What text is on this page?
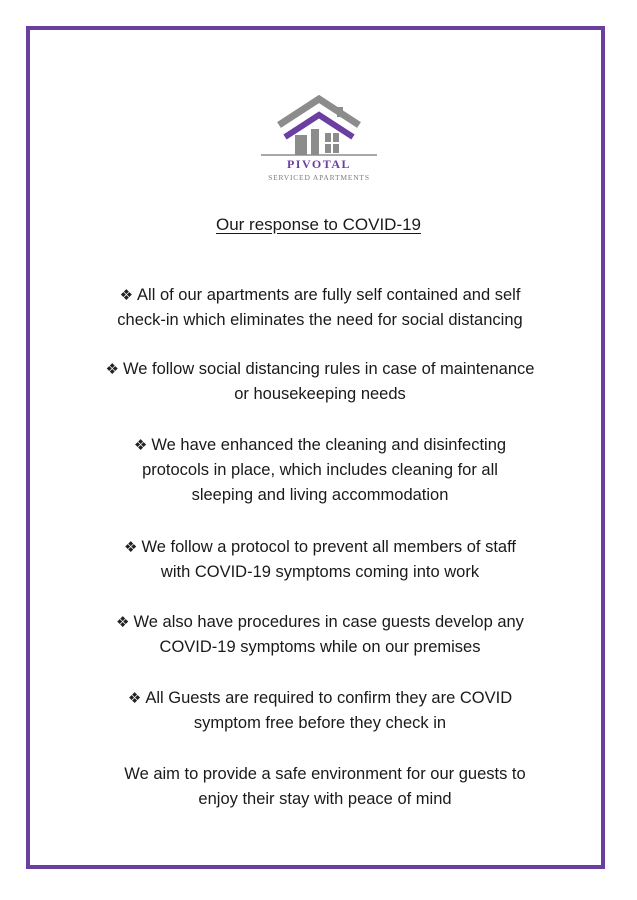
PIVOTAL
SERVICED APARTMENTS
Our response to COVID-19
❖ All of our apartments are fully self contained and self
check-in which eliminates the need for social distancing
❖ We follow social distancing rules in case of maintenance
or housekeeping needs
❖ We have enhanced the cleaning and disinfecting
protocols in place, which includes cleaning for all
sleeping and living accommodation
❖ We follow a protocol to prevent all members of staff
with COVID-19 symptoms coming into work
❖ We also have procedures in case guests develop any
COVID-19 symptoms while on our premises
❖ All Guests are required to confirm they are COVID
symptom free before they check in
We aim to provide a safe environment for our guests to
enjoy their stay with peace of mind
